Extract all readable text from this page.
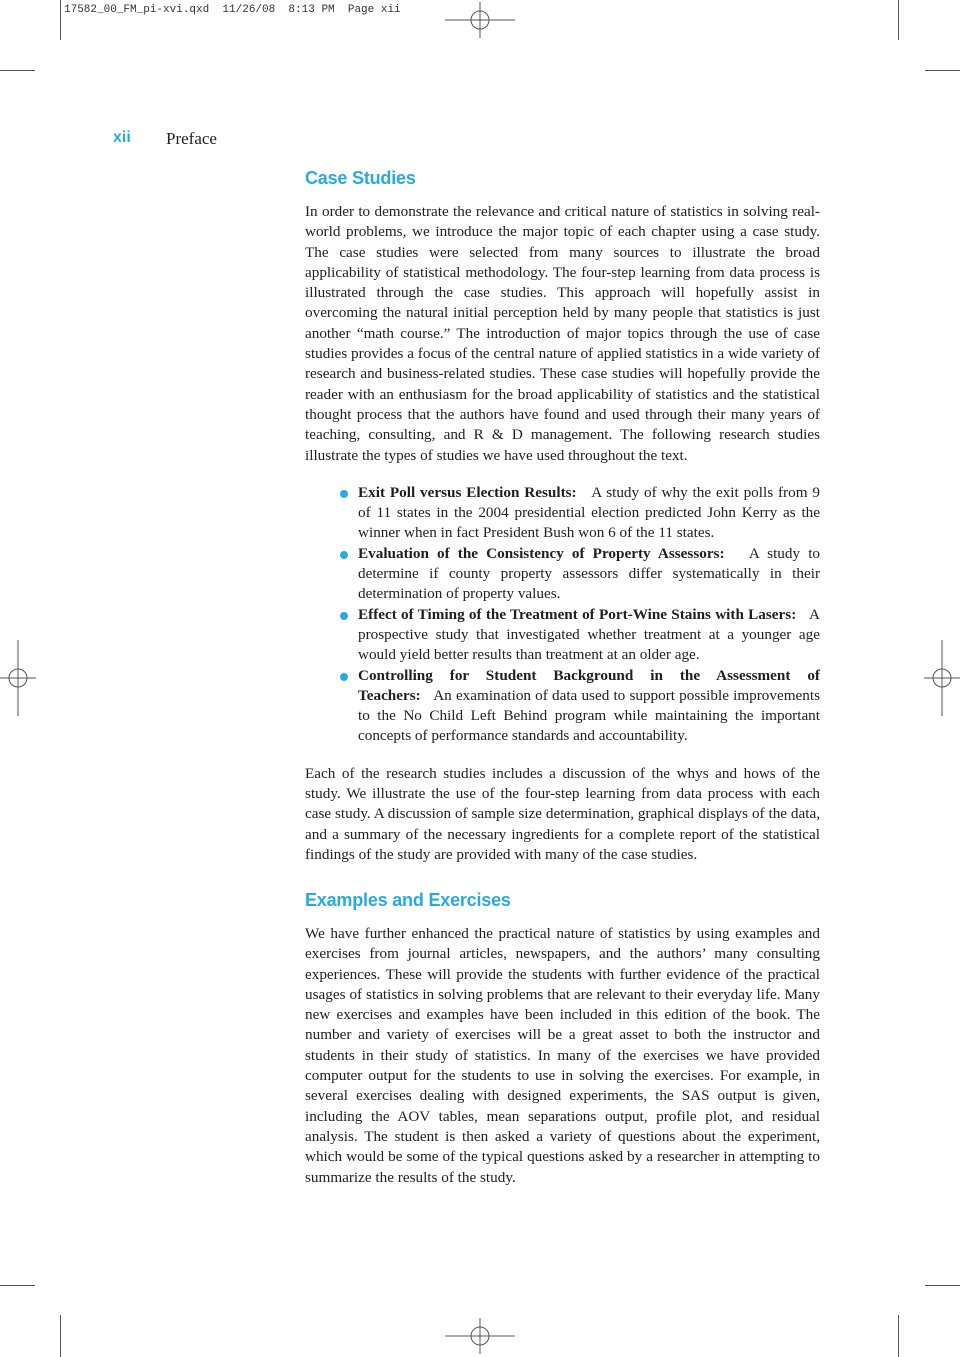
17582_00_FM_pi-xvi.qxd  11/26/08  8:13 PM  Page xii
xii Preface
Case Studies

In order to demonstrate the relevance and critical nature of statistics in solving real-world problems, we introduce the major topic of each chapter using a case study. The case studies were selected from many sources to illustrate the broad applicability of statistical methodology. The four-step learning from data process is illustrated through the case studies. This approach will hopefully assist in overcoming the natural initial perception held by many people that statistics is just another “math course.” The introduction of major topics through the use of case studies provides a focus of the central nature of applied statistics in a wide variety of research and business-related studies. These case studies will hopefully provide the reader with an enthusiasm for the broad applicability of statistics and the statistical thought process that the authors have found and used through their many years of teaching, consulting, and R & D management. The following research studies illustrate the types of studies we have used throughout the text.

Exit Poll versus Election Results: A study of why the exit polls from 9 of 11 states in the 2004 presidential election predicted John Kerry as the winner when in fact President Bush won 6 of the 11 states.
Evaluation of the Consistency of Property Assessors: A study to determine if county property assessors differ systematically in their determination of property values.
Effect of Timing of the Treatment of Port-Wine Stains with Lasers: A prospective study that investigated whether treatment at a younger age would yield better results than treatment at an older age.
Controlling for Student Background in the Assessment of Teachers: An examination of data used to support possible improvements to the No Child Left Behind program while maintaining the important concepts of performance standards and accountability.

Each of the research studies includes a discussion of the whys and hows of the study. We illustrate the use of the four-step learning from data process with each case study. A discussion of sample size determination, graphical displays of the data, and a summary of the necessary ingredients for a complete report of the statistical findings of the study are provided with many of the case studies.

Examples and Exercises

We have further enhanced the practical nature of statistics by using examples and exercises from journal articles, newspapers, and the authors’ many consulting experiences. These will provide the students with further evidence of the practical usages of statistics in solving problems that are relevant to their everyday life. Many new exercises and examples have been included in this edition of the book. The number and variety of exercises will be a great asset to both the instructor and students in their study of statistics. In many of the exercises we have provided computer output for the students to use in solving the exercises. For example, in several exercises dealing with designed experiments, the SAS output is given, including the AOV tables, mean separations output, profile plot, and residual analysis. The student is then asked a variety of questions about the experiment, which would be some of the typical questions asked by a researcher in attempting to summarize the results of the study.
